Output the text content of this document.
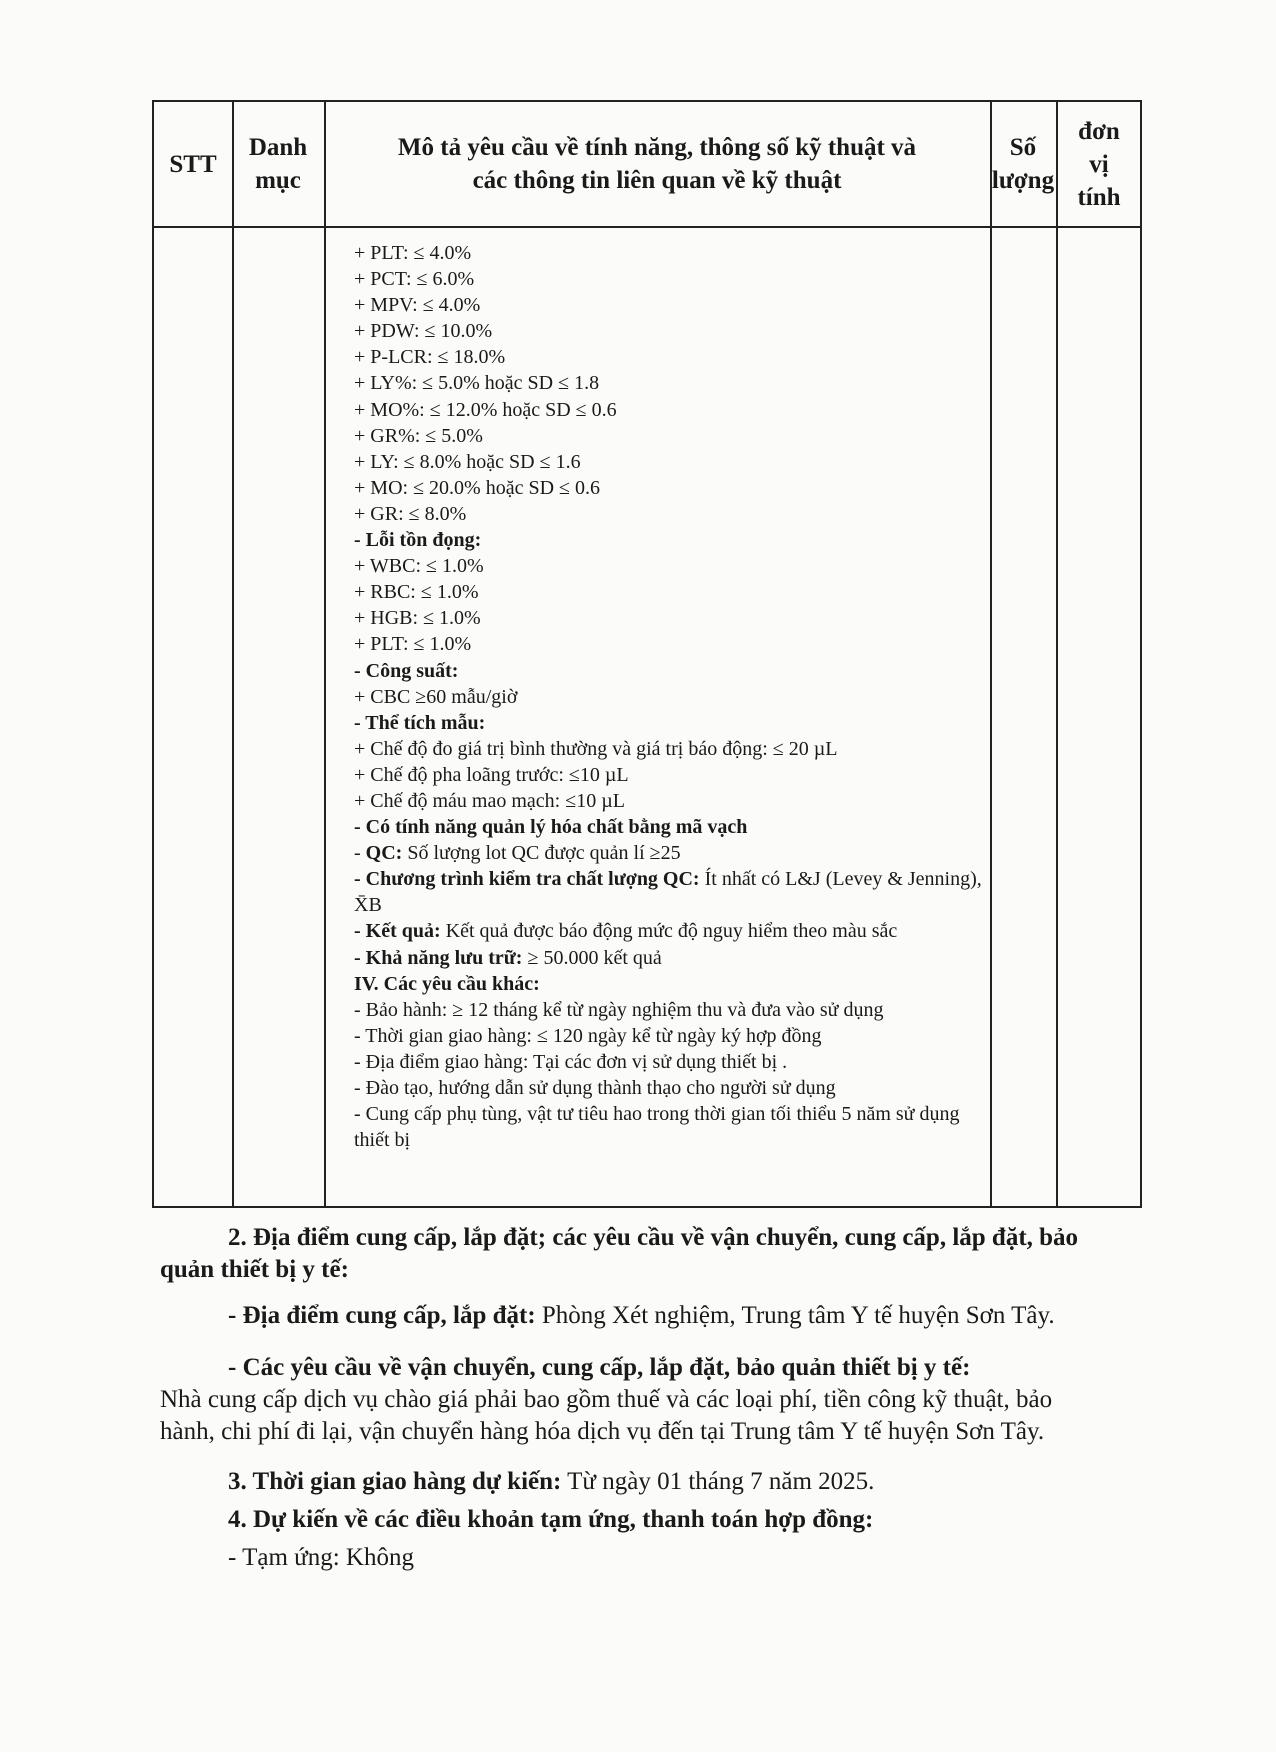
STT
Danh
mục
Mô tả yêu cầu về tính năng, thông số kỹ thuật và
các thông tin liên quan về kỹ thuật
Số
lượng
đơn
vị
tính
+ PLT: ≤ 4.0%
+ PCT: ≤ 6.0%
+ MPV: ≤ 4.0%
+ PDW: ≤ 10.0%
+ P-LCR: ≤ 18.0%
+ LY%: ≤ 5.0% hoặc SD ≤ 1.8
+ MO%: ≤ 12.0% hoặc SD ≤ 0.6
+ GR%: ≤ 5.0%
+ LY: ≤ 8.0% hoặc SD ≤ 1.6
+ MO: ≤ 20.0% hoặc SD ≤ 0.6
+ GR: ≤ 8.0%
- Lỗi tồn đọng:
+ WBC: ≤ 1.0%
+ RBC: ≤ 1.0%
+ HGB: ≤ 1.0%
+ PLT: ≤ 1.0%
- Công suất:
+ CBC ≥60 mẫu/giờ
- Thể tích mẫu:
+ Chế độ đo giá trị bình thường và giá trị báo động: ≤ 20 µL
+ Chế độ pha loãng trước: ≤10 µL
+ Chế độ máu mao mạch: ≤10 µL
- Có tính năng quản lý hóa chất bằng mã vạch
- QC: Số lượng lot QC được quản lí ≥25
- Chương trình kiểm tra chất lượng QC: Ít nhất có L&J (Levey & Jenning), X̄B
- Kết quả: Kết quả được báo động mức độ nguy hiểm theo màu sắc
- Khả năng lưu trữ: ≥ 50.000 kết quả
IV. Các yêu cầu khác:
- Bảo hành: ≥ 12 tháng kể từ ngày nghiệm thu và đưa vào sử dụng
- Thời gian giao hàng: ≤ 120 ngày kể từ ngày ký hợp đồng
- Địa điểm giao hàng: Tại các đơn vị sử dụng thiết bị .
- Đào tạo, hướng dẫn sử dụng thành thạo cho người sử dụng
- Cung cấp phụ tùng, vật tư tiêu hao trong thời gian tối thiểu 5 năm sử dụng thiết bị

2. Địa điểm cung cấp, lắp đặt; các yêu cầu về vận chuyển, cung cấp, lắp đặt, bảo quản thiết bị y tế:

- Địa điểm cung cấp, lắp đặt: Phòng Xét nghiệm, Trung tâm Y tế huyện Sơn Tây.

- Các yêu cầu về vận chuyển, cung cấp, lắp đặt, bảo quản thiết bị y tế:

Nhà cung cấp dịch vụ chào giá phải bao gồm thuế và các loại phí, tiền công kỹ thuật, bảo hành, chi phí đi lại, vận chuyển hàng hóa dịch vụ đến tại Trung tâm Y tế huyện Sơn Tây.

3. Thời gian giao hàng dự kiến: Từ ngày 01 tháng 7 năm 2025.

4. Dự kiến về các điều khoản tạm ứng, thanh toán hợp đồng:

- Tạm ứng: Không
